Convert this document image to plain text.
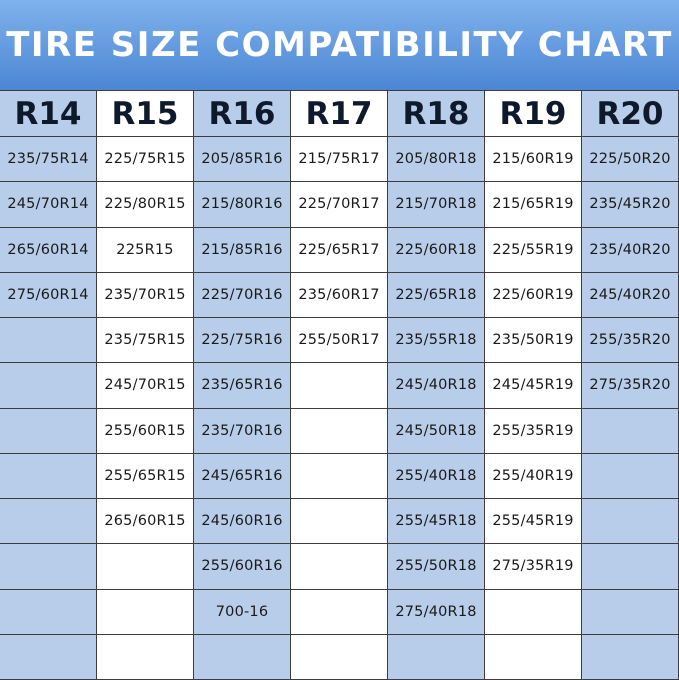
TIRE SIZE COMPATIBILITY CHART
R14
235/75R14
245/70R14
265/60R14
275/60R14
R15
225/75R15
225/80R15
225R15
235/70R15
235/75R15
245/70R15
255/60R15
255/65R15
265/60R15
R16
205/85R16
215/80R16
215/85R16
225/70R16
225/75R16
235/65R16
235/70R16
245/65R16
245/60R16
255/60R16
700-16
R17
215/75R17
225/70R17
225/65R17
235/60R17
255/50R17
R18
205/80R18
215/70R18
225/60R18
225/65R18
235/55R18
245/40R18
245/50R18
255/40R18
255/45R18
255/50R18
275/40R18
R19
215/60R19
215/65R19
225/55R19
225/60R19
235/50R19
245/45R19
255/35R19
255/40R19
255/45R19
275/35R19
R20
225/50R20
235/45R20
235/40R20
245/40R20
255/35R20
275/35R20
